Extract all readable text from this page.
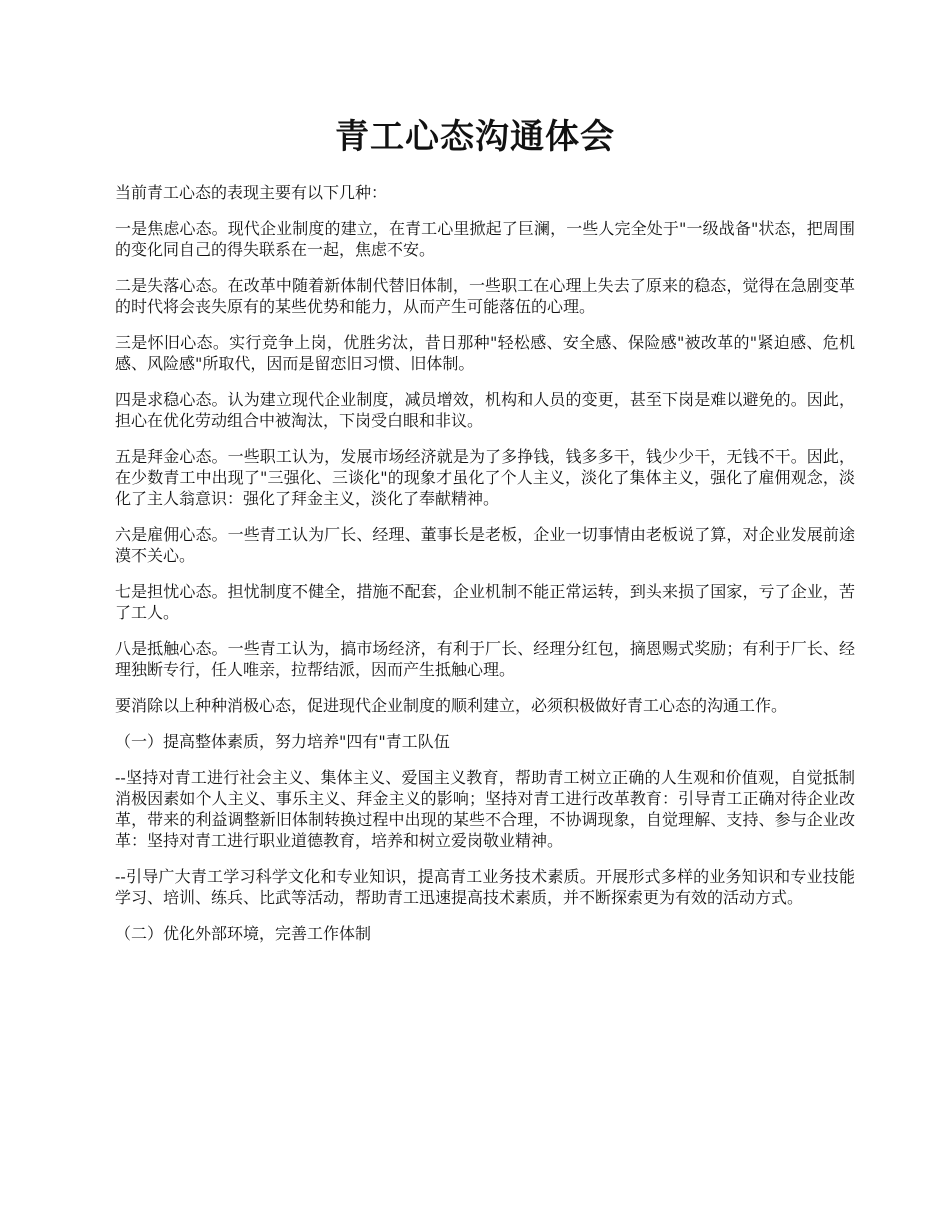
青工心态沟通体会

当前青工心态的表现主要有以下几种：

一是焦虑心态。现代企业制度的建立，在青工心里掀起了巨澜，一些人完全处于"一级战备"状态，把周围的变化同自己的得失联系在一起，焦虑不安。

二是失落心态。在改革中随着新体制代替旧体制，一些职工在心理上失去了原来的稳态，觉得在急剧变革的时代将会丧失原有的某些优势和能力，从而产生可能落伍的心理。

三是怀旧心态。实行竞争上岗，优胜劣汰，昔日那种"轻松感、安全感、保险感"被改革的"紧迫感、危机感、风险感"所取代，因而是留恋旧习惯、旧体制。

四是求稳心态。认为建立现代企业制度，减员增效，机构和人员的变更，甚至下岗是难以避免的。因此，担心在优化劳动组合中被淘汰，下岗受白眼和非议。

五是拜金心态。一些职工认为，发展市场经济就是为了多挣钱，钱多多干，钱少少干，无钱不干。因此，在少数青工中出现了"三强化、三谈化"的现象才虽化了个人主义，淡化了集体主义，强化了雇佣观念，淡化了主人翁意识：强化了拜金主义，淡化了奉献精神。

六是雇佣心态。一些青工认为厂长、经理、董事长是老板，企业一切事情由老板说了算，对企业发展前途漠不关心。

七是担忧心态。担忧制度不健全，措施不配套，企业机制不能正常运转，到头来损了国家，亏了企业，苦了工人。

八是抵触心态。一些青工认为，搞市场经济，有利于厂长、经理分红包，摘恩赐式奖励；有利于厂长、经理独断专行，任人唯亲，拉帮结派，因而产生抵触心理。

要消除以上种种消极心态，促进现代企业制度的顺利建立，必须积极做好青工心态的沟通工作。

（一）提高整体素质，努力培养"四有"青工队伍

--坚持对青工进行社会主义、集体主义、爱国主义教育，帮助青工树立正确的人生观和价值观，自觉抵制消极因素如个人主义、事乐主义、拜金主义的影响；坚持对青工进行改革教育：引导青工正确对待企业改革，带来的利益调整新旧体制转换过程中出现的某些不合理，不协调现象，自觉理解、支持、参与企业改革：坚持对青工进行职业道德教育，培养和树立爱岗敬业精神。

--引导广大青工学习科学文化和专业知识，提高青工业务技术素质。开展形式多样的业务知识和专业技能学习、培训、练兵、比武等活动，帮助青工迅速提高技术素质，并不断探索更为有效的活动方式。

（二）优化外部环境，完善工作体制
